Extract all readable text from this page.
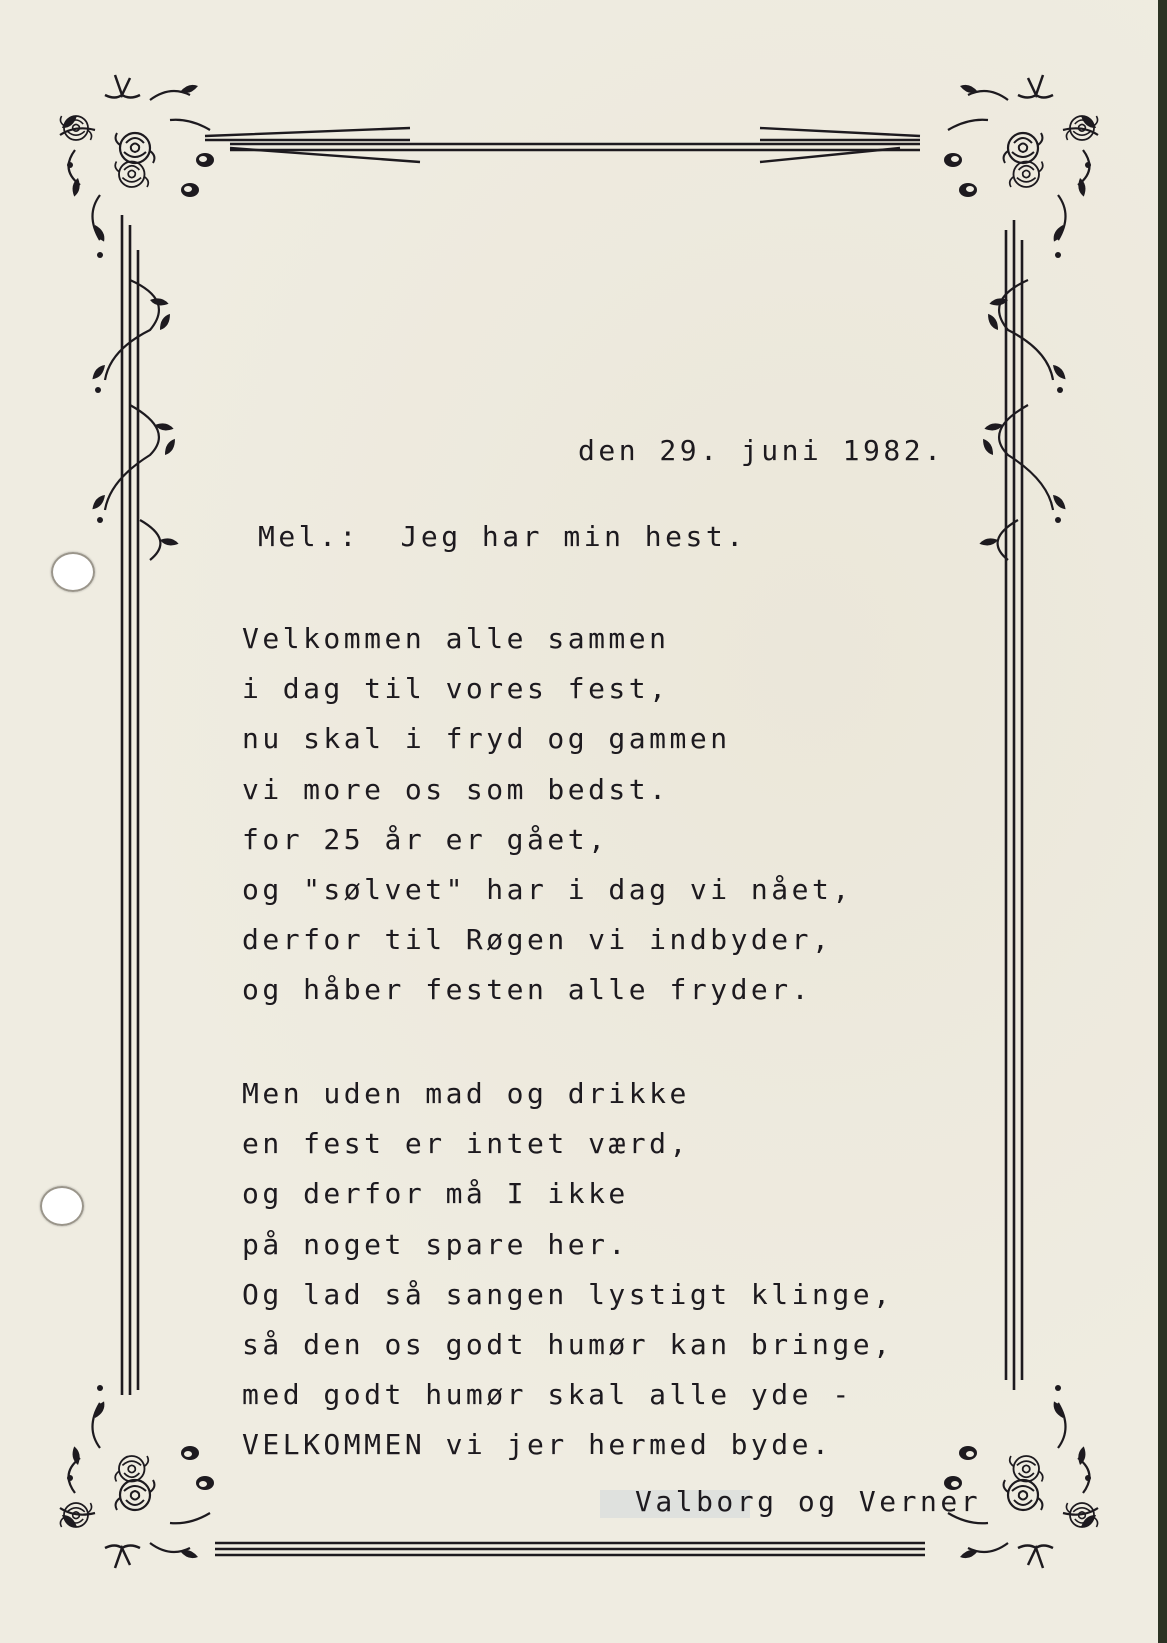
den 29. juni 1982.

Mel.:  Jeg har min hest.

Velkommen alle sammen
i dag til vores fest,
nu skal i fryd og gammen
vi more os som bedst.
for 25 år er gået,
og "sølvet" har i dag vi nået,
derfor til Røgen vi indbyder,
og håber festen alle fryder.
Men uden mad og drikke
en fest er intet værd,
og derfor må I ikke
på noget spare her.
Og lad så sangen lystigt klinge,
så den os godt humør kan bringe,
med godt humør skal alle yde -
VELKOMMEN vi jer hermed byde.

Valborg og Verner
